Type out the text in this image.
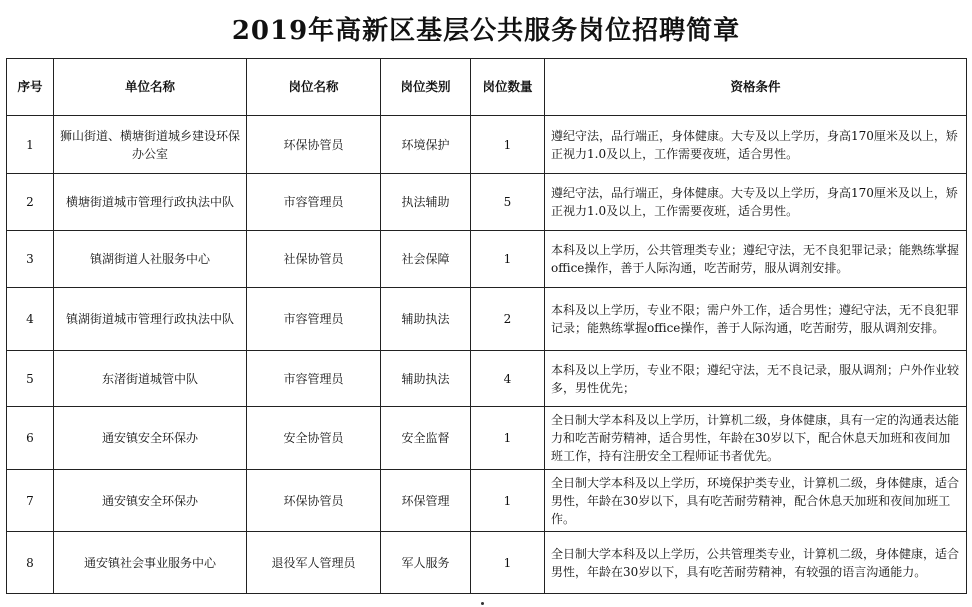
2019年高新区基层公共服务岗位招聘简章
序号	单位名称	岗位名称	岗位类别	岗位数量	资格条件
1	狮山街道、横塘街道城乡建设环保办公室	环保协管员	环境保护	1	遵纪守法，品行端正，身体健康。大专及以上学历，身高170厘米及以上，矫正视力1.0及以上，工作需要夜班，适合男性。
2	横塘街道城市管理行政执法中队	市容管理员	执法辅助	5	遵纪守法，品行端正，身体健康。大专及以上学历，身高170厘米及以上，矫正视力1.0及以上，工作需要夜班，适合男性。
3	镇湖街道人社服务中心	社保协管员	社会保障	1	本科及以上学历，公共管理类专业；遵纪守法，无不良犯罪记录；能熟练掌握office操作，善于人际沟通，吃苦耐劳，服从调剂安排。
4	镇湖街道城市管理行政执法中队	市容管理员	辅助执法	2	本科及以上学历，专业不限；需户外工作，适合男性；遵纪守法，无不良犯罪记录；能熟练掌握office操作，善于人际沟通，吃苦耐劳，服从调剂安排。
5	东渚街道城管中队	市容管理员	辅助执法	4	本科及以上学历，专业不限；遵纪守法，无不良记录，服从调剂；户外作业较多，男性优先；
6	通安镇安全环保办	安全协管员	安全监督	1	全日制大学本科及以上学历，计算机二级，身体健康，具有一定的沟通表达能力和吃苦耐劳精神，适合男性，年龄在30岁以下，配合休息天加班和夜间加班工作，持有注册安全工程师证书者优先。
7	通安镇安全环保办	环保协管员	环保管理	1	全日制大学本科及以上学历，环境保护类专业，计算机二级，身体健康，适合男性，年龄在30岁以下，具有吃苦耐劳精神，配合休息天加班和夜间加班工作。
8	通安镇社会事业服务中心	退役军人管理员	军人服务	1	全日制大学本科及以上学历，公共管理类专业，计算机二级，身体健康，适合男性，年龄在30岁以下，具有吃苦耐劳精神，有较强的语言沟通能力。
